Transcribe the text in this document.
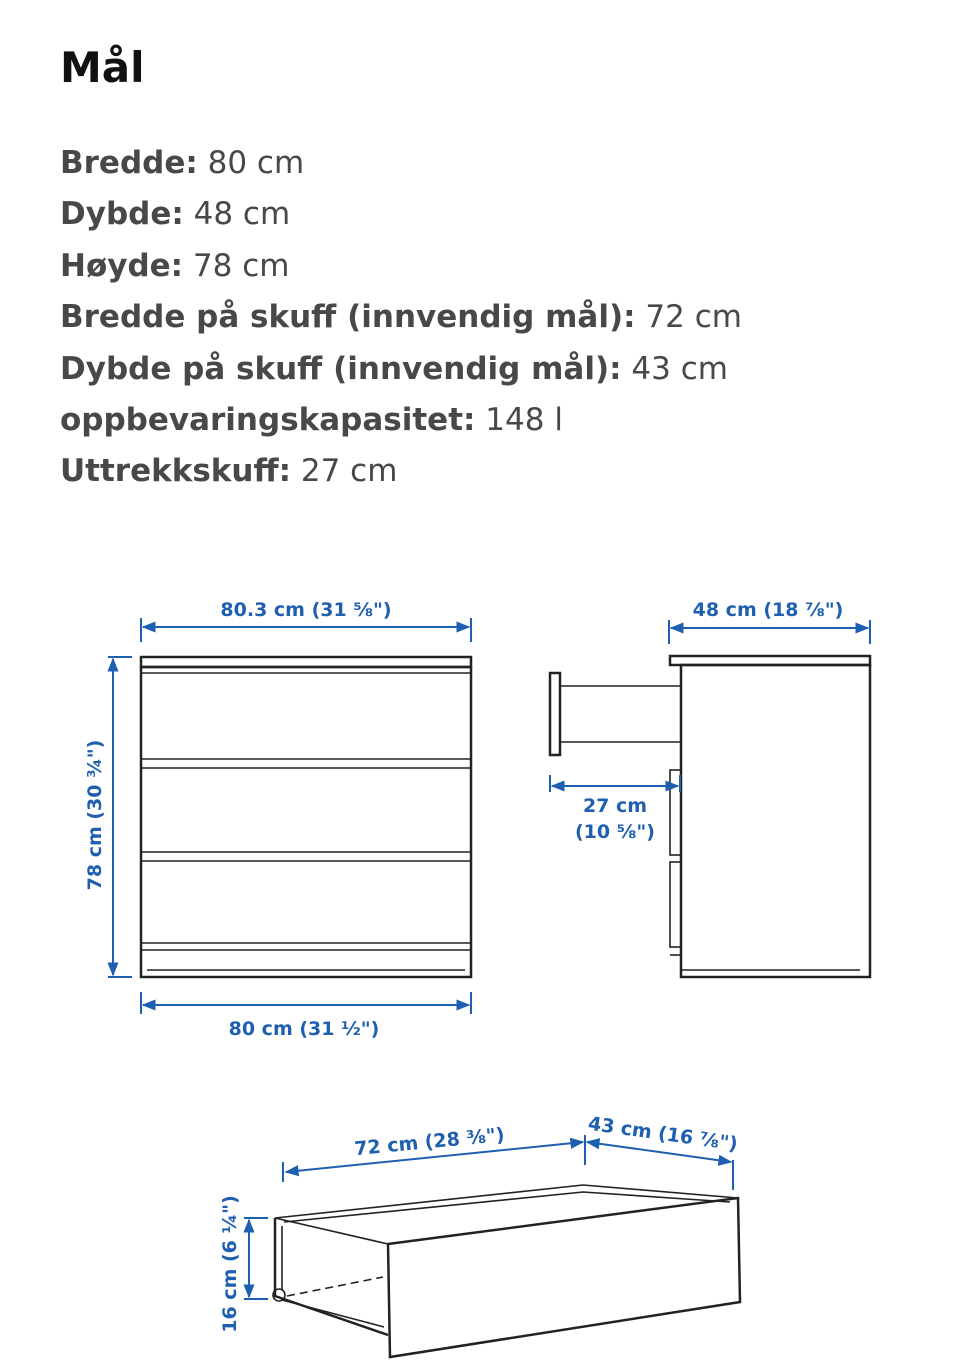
Mål
Bredde: 80 cm
Dybde: 48 cm
Høyde: 78 cm
Bredde på skuff (innvendig mål): 72 cm
Dybde på skuff (innvendig mål): 43 cm
oppbevaringskapasitet: 148 l
Uttrekkskuff: 27 cm
80.3 cm (31 ⅝")
78 cm (30 ¾")
80 cm (31 ½")
48 cm (18 ⅞")
27 cm
(10 ⅝")
72 cm (28 ⅜")	43 cm (16 ⅞")
16 cm (6 ¼")
